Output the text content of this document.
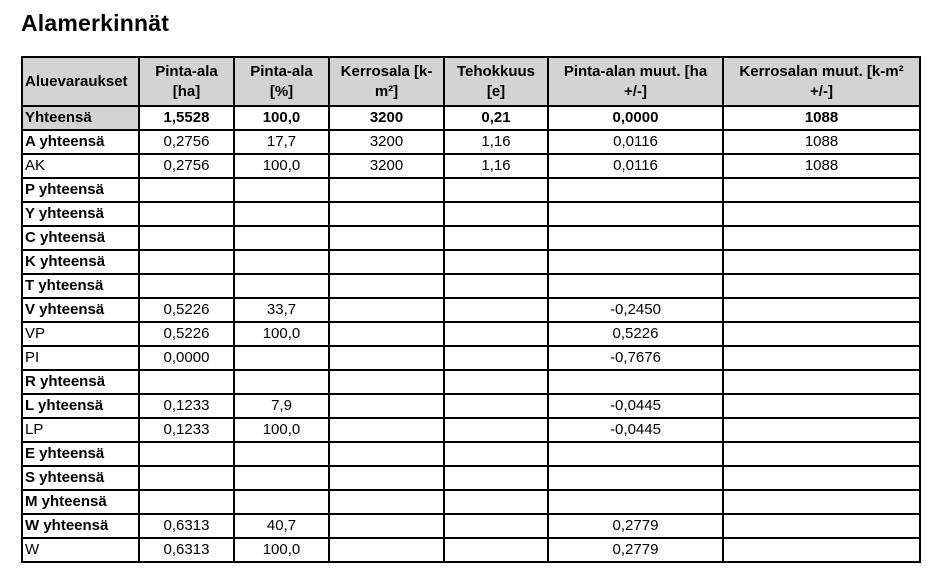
Alamerkinnät
Aluevaraukset	Pinta-ala [ha]	Pinta-ala [%]	Kerrosala [k-m²]	Tehokkuus [e]	Pinta-alan muut. [ha +/-]	Kerrosalan muut. [k-m² +/-]
Yhteensä	1,5528	100,0	3200	0,21	0,0000	1088
A yhteensä	0,2756	17,7	3200	1,16	0,0116	1088
AK	0,2756	100,0	3200	1,16	0,0116	1088
P yhteensä						
Y yhteensä						
C yhteensä						
K yhteensä						
T yhteensä						
V yhteensä	0,5226	33,7			-0,2450	
VP	0,5226	100,0			0,5226	
PI	0,0000				-0,7676	
R yhteensä						
L yhteensä	0,1233	7,9			-0,0445	
LP	0,1233	100,0			-0,0445	
E yhteensä						
S yhteensä						
M yhteensä						
W yhteensä	0,6313	40,7			0,2779	
W	0,6313	100,0			0,2779	
